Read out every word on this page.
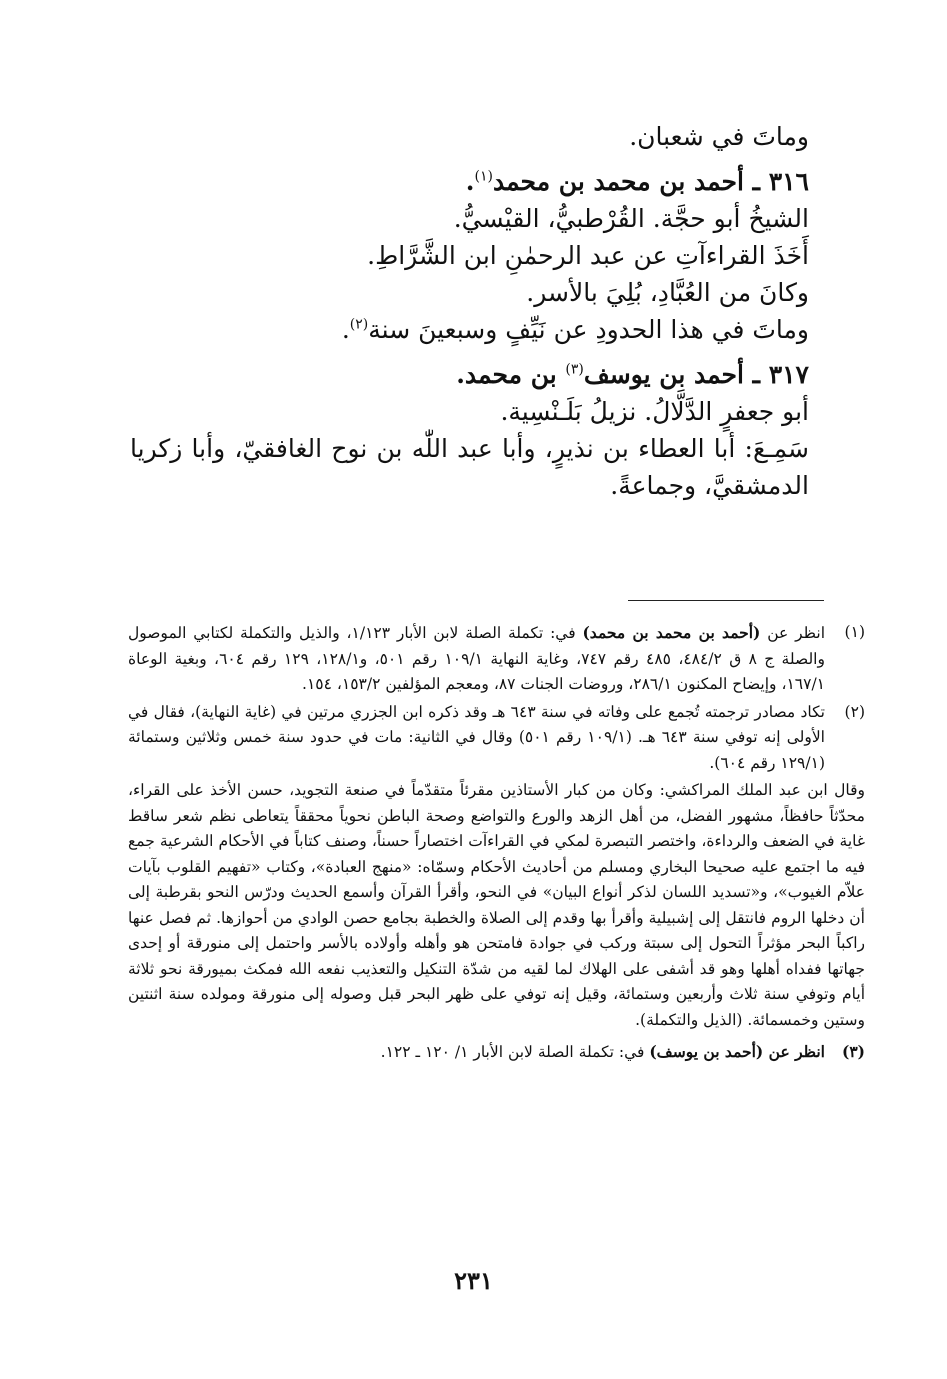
وماتَ في شعبان.
٣١٦ ـ أحمد بن محمد بن محمد$^{(١)}$.
الشيخُ أبو حجَّة. القُرْطبيُّ، القيْسيُّ.
أَخَذَ القراءآتِ عن عبد الرحمٰنِ ابن الشَّرَّاطِ.
وكانَ من العُبَّادِ، بُلِيَ بالأسر.
وماتَ في هذا الحدودِ عن نَيِّفٍ وسبعينَ سنة$^{(٢)}$.
٣١٧ ـ أحمد بن يوسف$^{(٣)}$ بن محمد.
أبو جعفرٍ الدَّلَّالُ. نزيلُ بَلَـنْسِية.
سَمِـعَ: أبا العطاء بن نذيرٍ، وأبا عبد اللّٰه بن نوح الغافقيّ، وأبا زكريا الدمشقيَّ، وجماعةً.
(١)
انظر عن (أحمد بن محمد بن محمد) في: تكملة الصلة لابن الأبار ١/١٢٣، والذيل والتكملة لكتابي الموصول والصلة ج ٨ ق ٤٨٤/٢، ٤٨٥ رقم ٧٤٧، وغاية النهاية ١٠٩/١ رقم ٥٠١، و١٢٨/١، ١٢٩ رقم ٦٠٤، وبغية الوعاة ١٦٧/١، وإيضاح المكنون ٢٨٦/١، وروضات الجنات ٨٧، ومعجم المؤلفين ١٥٣/٢، ١٥٤.
(٢)
تكاد مصادر ترجمته تُجمع على وفاته في سنة ٦٤٣ هـ وقد ذكره ابن الجزري مرتين في (غاية النهاية)، فقال في الأولى إنه توفي سنة ٦٤٣ هـ. (١٠٩/١ رقم ٥٠١) وقال في الثانية: مات في حدود سنة خمس وثلاثين وستمائة (١٢٩/١ رقم ٦٠٤).
وقال ابن عبد الملك المراكشي: وكان من كبار الأستاذين مقرئاً متقدّماً في صنعة التجويد، حسن الأخذ على القراء، محدّثاً حافظاً، مشهور الفضل، من أهل الزهد والورع والتواضع وصحة الباطن نحوياً محققاً يتعاطى نظم شعر ساقط غاية في الضعف والرداءة، واختصر التبصرة لمكي في القراءآت اختصاراً حسناً، وصنف كتاباً في الأحكام الشرعية جمع فيه ما اجتمع عليه صحيحا البخاري ومسلم من أحاديث الأحكام وسمّاه: «منهج العبادة»، وكتاب «تفهيم القلوب بآيات علاّم الغيوب»، و«تسديد اللسان لذكر أنواع البيان» في النحو، وأقرأ القرآن وأسمع الحديث ودرّس النحو بقرطبة إلى أن دخلها الروم فانتقل إلى إشبيلية وأقرأ بها وقدم إلى الصلاة والخطبة بجامع حصن الوادي من أحوازها. ثم فصل عنها راكباً البحر مؤثراً التحول إلى سبتة وركب في جوادة فامتحن هو وأهله وأولاده بالأسر واحتمل إلى منورقة أو إحدى جهاتها ففداه أهلها وهو قد أشفى على الهلاك لما لقيه من شدّة التنكيل والتعذيب نفعه الله فمكث بميورقة نحو ثلاثة أيام وتوفي سنة ثلاث وأربعين وستمائة، وقيل إنه توفي على ظهر البحر قبل وصوله إلى منورقة ومولده سنة اثنتين وستين وخمسمائة. (الذيل والتكملة).
(٣)
انظر عن (أحمد بن يوسف) في: تكملة الصلة لابن الأبار ١/ ١٢٠ ـ ١٢٢.
٢٣١
